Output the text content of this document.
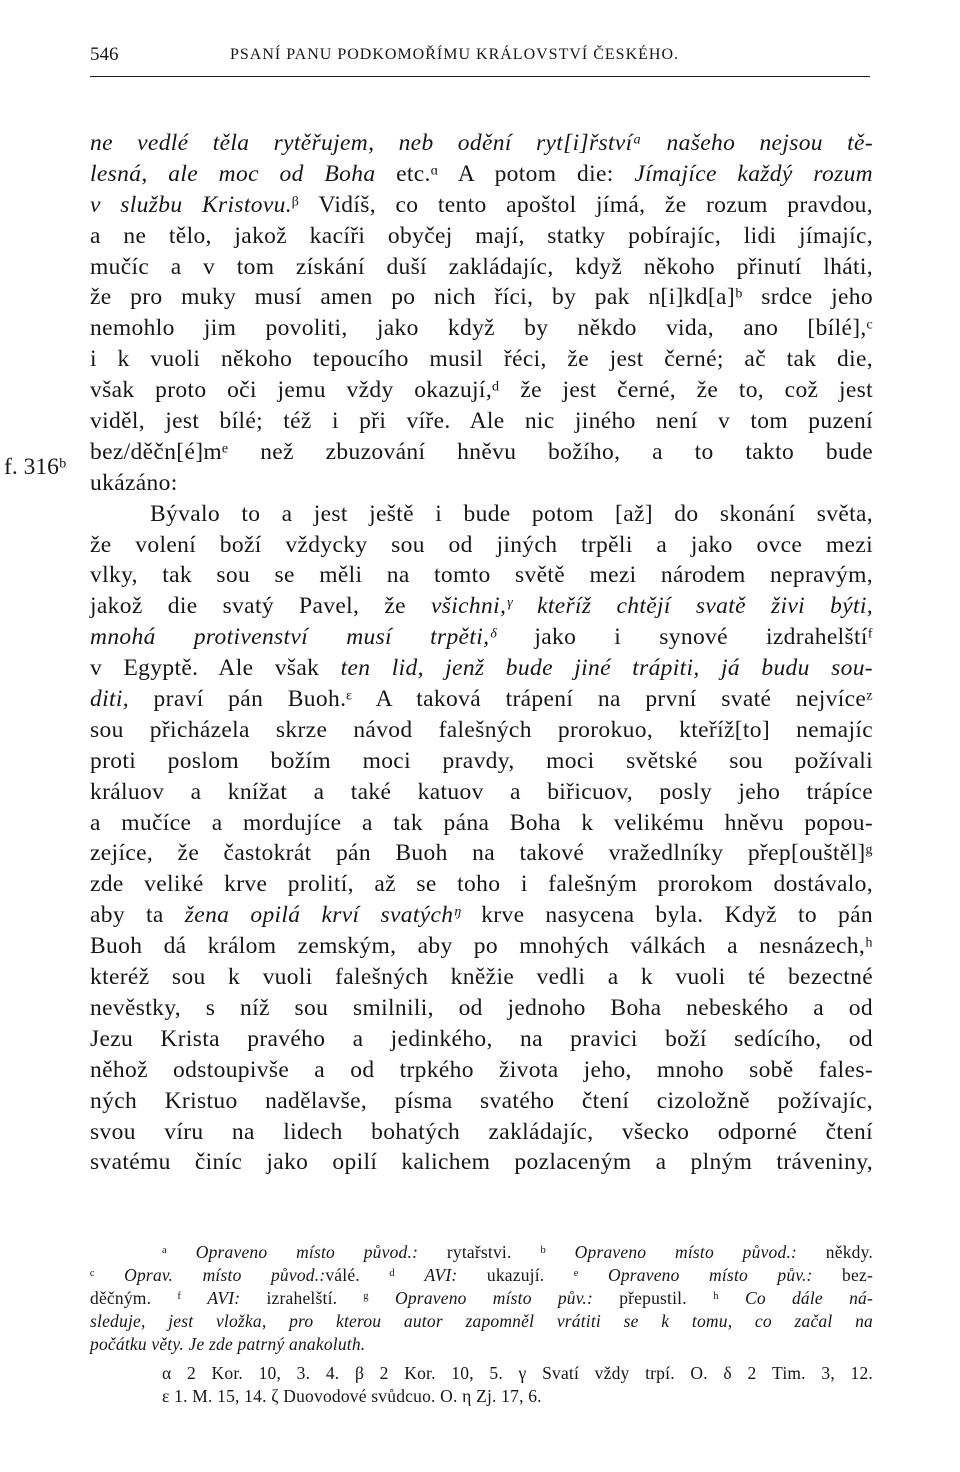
546	PSANÍ PANU PODKOMOŘÍMU KRÁLOVSTVÍ ČESKÉHO.
f. 316ᵇ
ne vedlé těla rytěřujem, neb odění ryt[i]řstvíᵃ našeho nejsou tě-
lesná, ale moc od Boha etc.ᵅ A potom die: Jímajíce každý rozum
v službu Kristovu.ᵝ Vidíš, co tento apoštol jímá, že rozum pravdou,
a ne tělo, jakož kacíři obyčej mají, statky pobírajíc, lidi jímajíc,
mučíc a v tom získání duší zakládajíc, když někoho přinutí lháti,
že pro muky musí amen po nich říci, by pak n[i]kd[a]ᵇ srdce jeho
nemohlo jim povoliti, jako když by někdo vida, ano [bílé],ᶜ
i k vuoli někoho tepoucího musil řéci, že jest černé; ač tak die,
však proto oči jemu vždy okazují,ᵈ že jest černé, že to, což jest
viděl, jest bílé; též i při víře. Ale nic jiného není v tom puzení
bez/děčn[é]mᵉ než zbuzování hněvu božího, a to takto bude
ukázáno:
Bývalo to a jest ještě i bude potom [až] do skonání světa,
že volení boží vždycky sou od jiných trpěli a jako ovce mezi
vlky, tak sou se měli na tomto světě mezi národem nepravým,
jakož die svatý Pavel, že všichni,ᵞ kteříž chtějí svatě živi býti,
mnohá protivenství musí trpěti,ᵟ jako i synové izdrahelštíᶠ
v Egyptě. Ale však ten lid, jenž bude jiné trápiti, já budu sou-
diti, praví pán Buoh.ᵋ A taková trápení na první svaté nejvíceᶻ
sou přicházela skrze návod falešných prorokuo, kteříž[to] nemajíc
proti poslom božím moci pravdy, moci světské sou požívali
králuov a knížat a také katuov a biřicuov, posly jeho trápíce
a mučíce a mordujíce a tak pána Boha k velikému hněvu popou-
zejíce, že častokrát pán Buoh na takové vražedlníky přep[ouštěl]ᵍ
zde veliké krve prolití, až se toho i falešným prorokom dostávalo,
aby ta žena opilá krví svatýchᵑ krve nasycena byla. Když to pán
Buoh dá králom zemským, aby po mnohých válkách a nesnázech,ʰ
kteréž sou k vuoli falešných kněžie vedli a k vuoli té bezectné
nevěstky, s níž sou smilnili, od jednoho Boha nebeského a od
Jezu Krista pravého a jedinkého, na pravici boží sedícího, od
něhož odstoupivše a od trpkého života jeho, mnoho sobě fales-
ných Kristuo nadělavše, písma svatého čtení cizoložně požívajíc,
svou víru na lidech bohatých zakládajíc, všecko odporné čtení
svatému činíc jako opilí kalichem pozlaceným a plným tráveniny,
ᵃ Opraveno místo původ.: rytařstvi. ᵇ Opraveno místo původ.: někdy.
ᶜ Oprav. místo původ.:válé. ᵈ AVI: ukazují. ᵉ Opraveno místo pův.: bez-
děčným. ᶠ AVI: izrahelští. ᵍ Opraveno místo pův.: přepustil. ʰ Co dále ná-
sleduje, jest vložka, pro kterou autor zapomněl vrátiti se k tomu, co začal na
počátku věty. Je zde patrný anakoluth.
α 2 Kor. 10, 3. 4. β 2 Kor. 10, 5. γ Svatí vždy trpí. O. δ 2 Tim. 3, 12.
ε 1. M. 15, 14. ζ Duovodové svůdcuo. O. η Zj. 17, 6.
